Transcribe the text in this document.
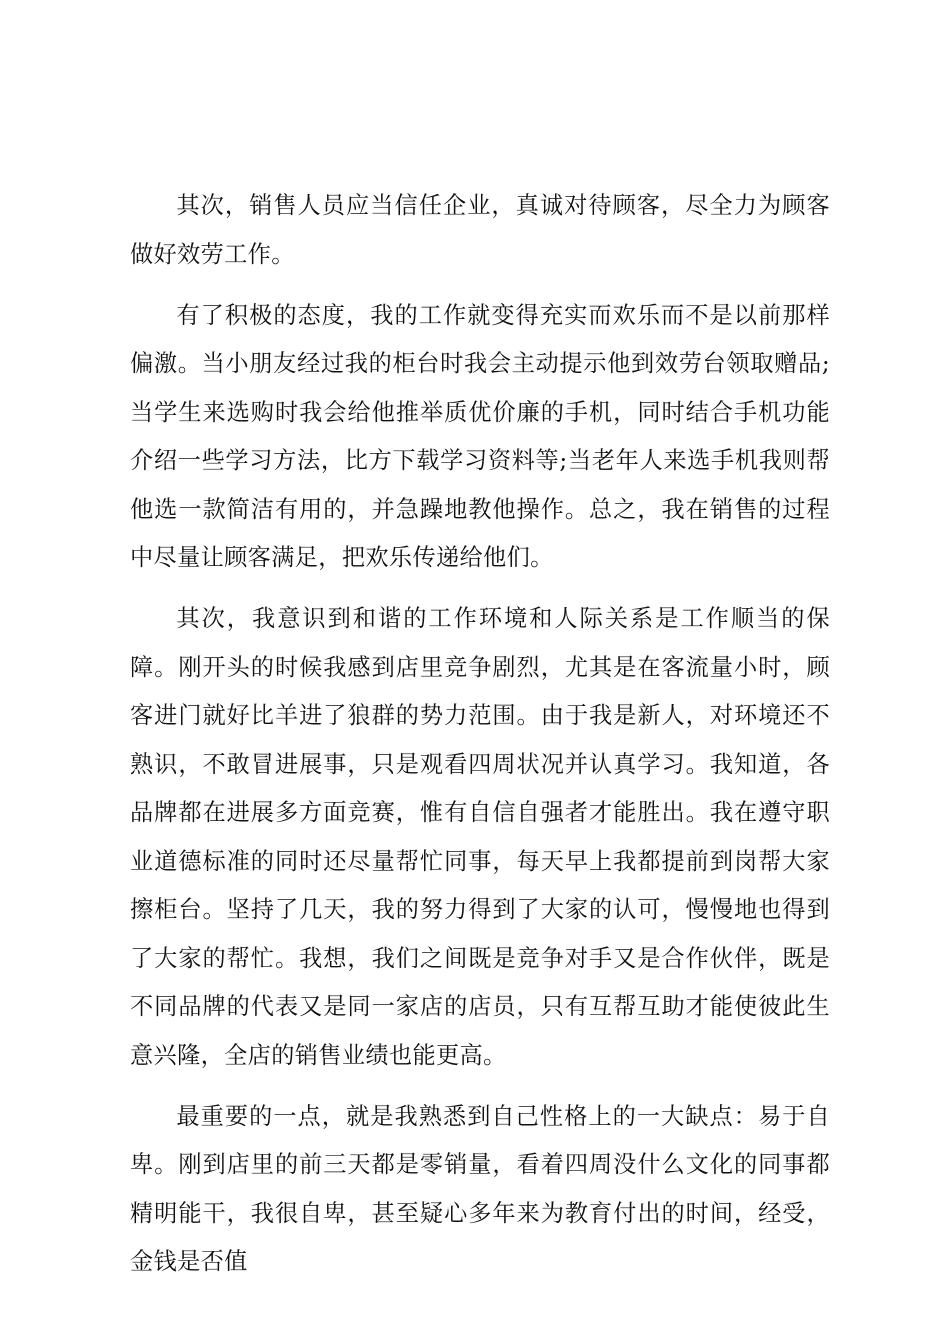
其次，销售人员应当信任企业，真诚对待顾客，尽全力为顾客做好效劳工作。

有了积极的态度，我的工作就变得充实而欢乐而不是以前那样偏激。当小朋友经过我的柜台时我会主动提示他到效劳台领取赠品;当学生来选购时我会给他推举质优价廉的手机，同时结合手机功能介绍一些学习方法，比方下载学习资料等;当老年人来选手机我则帮他选一款简洁有用的，并急躁地教他操作。总之，我在销售的过程中尽量让顾客满足，把欢乐传递给他们。

其次，我意识到和谐的工作环境和人际关系是工作顺当的保障。刚开头的时候我感到店里竞争剧烈，尤其是在客流量小时，顾客进门就好比羊进了狼群的势力范围。由于我是新人，对环境还不熟识，不敢冒进展事，只是观看四周状况并认真学习。我知道，各品牌都在进展多方面竞赛，惟有自信自强者才能胜出。我在遵守职业道德标准的同时还尽量帮忙同事，每天早上我都提前到岗帮大家擦柜台。坚持了几天，我的努力得到了大家的认可，慢慢地也得到了大家的帮忙。我想，我们之间既是竞争对手又是合作伙伴，既是不同品牌的代表又是同一家店的店员，只有互帮互助才能使彼此生意兴隆，全店的销售业绩也能更高。

最重要的一点，就是我熟悉到自己性格上的一大缺点：易于自卑。刚到店里的前三天都是零销量，看着四周没什么文化的同事都精明能干，我很自卑，甚至疑心多年来为教育付出的时间，经受，金钱是否值
